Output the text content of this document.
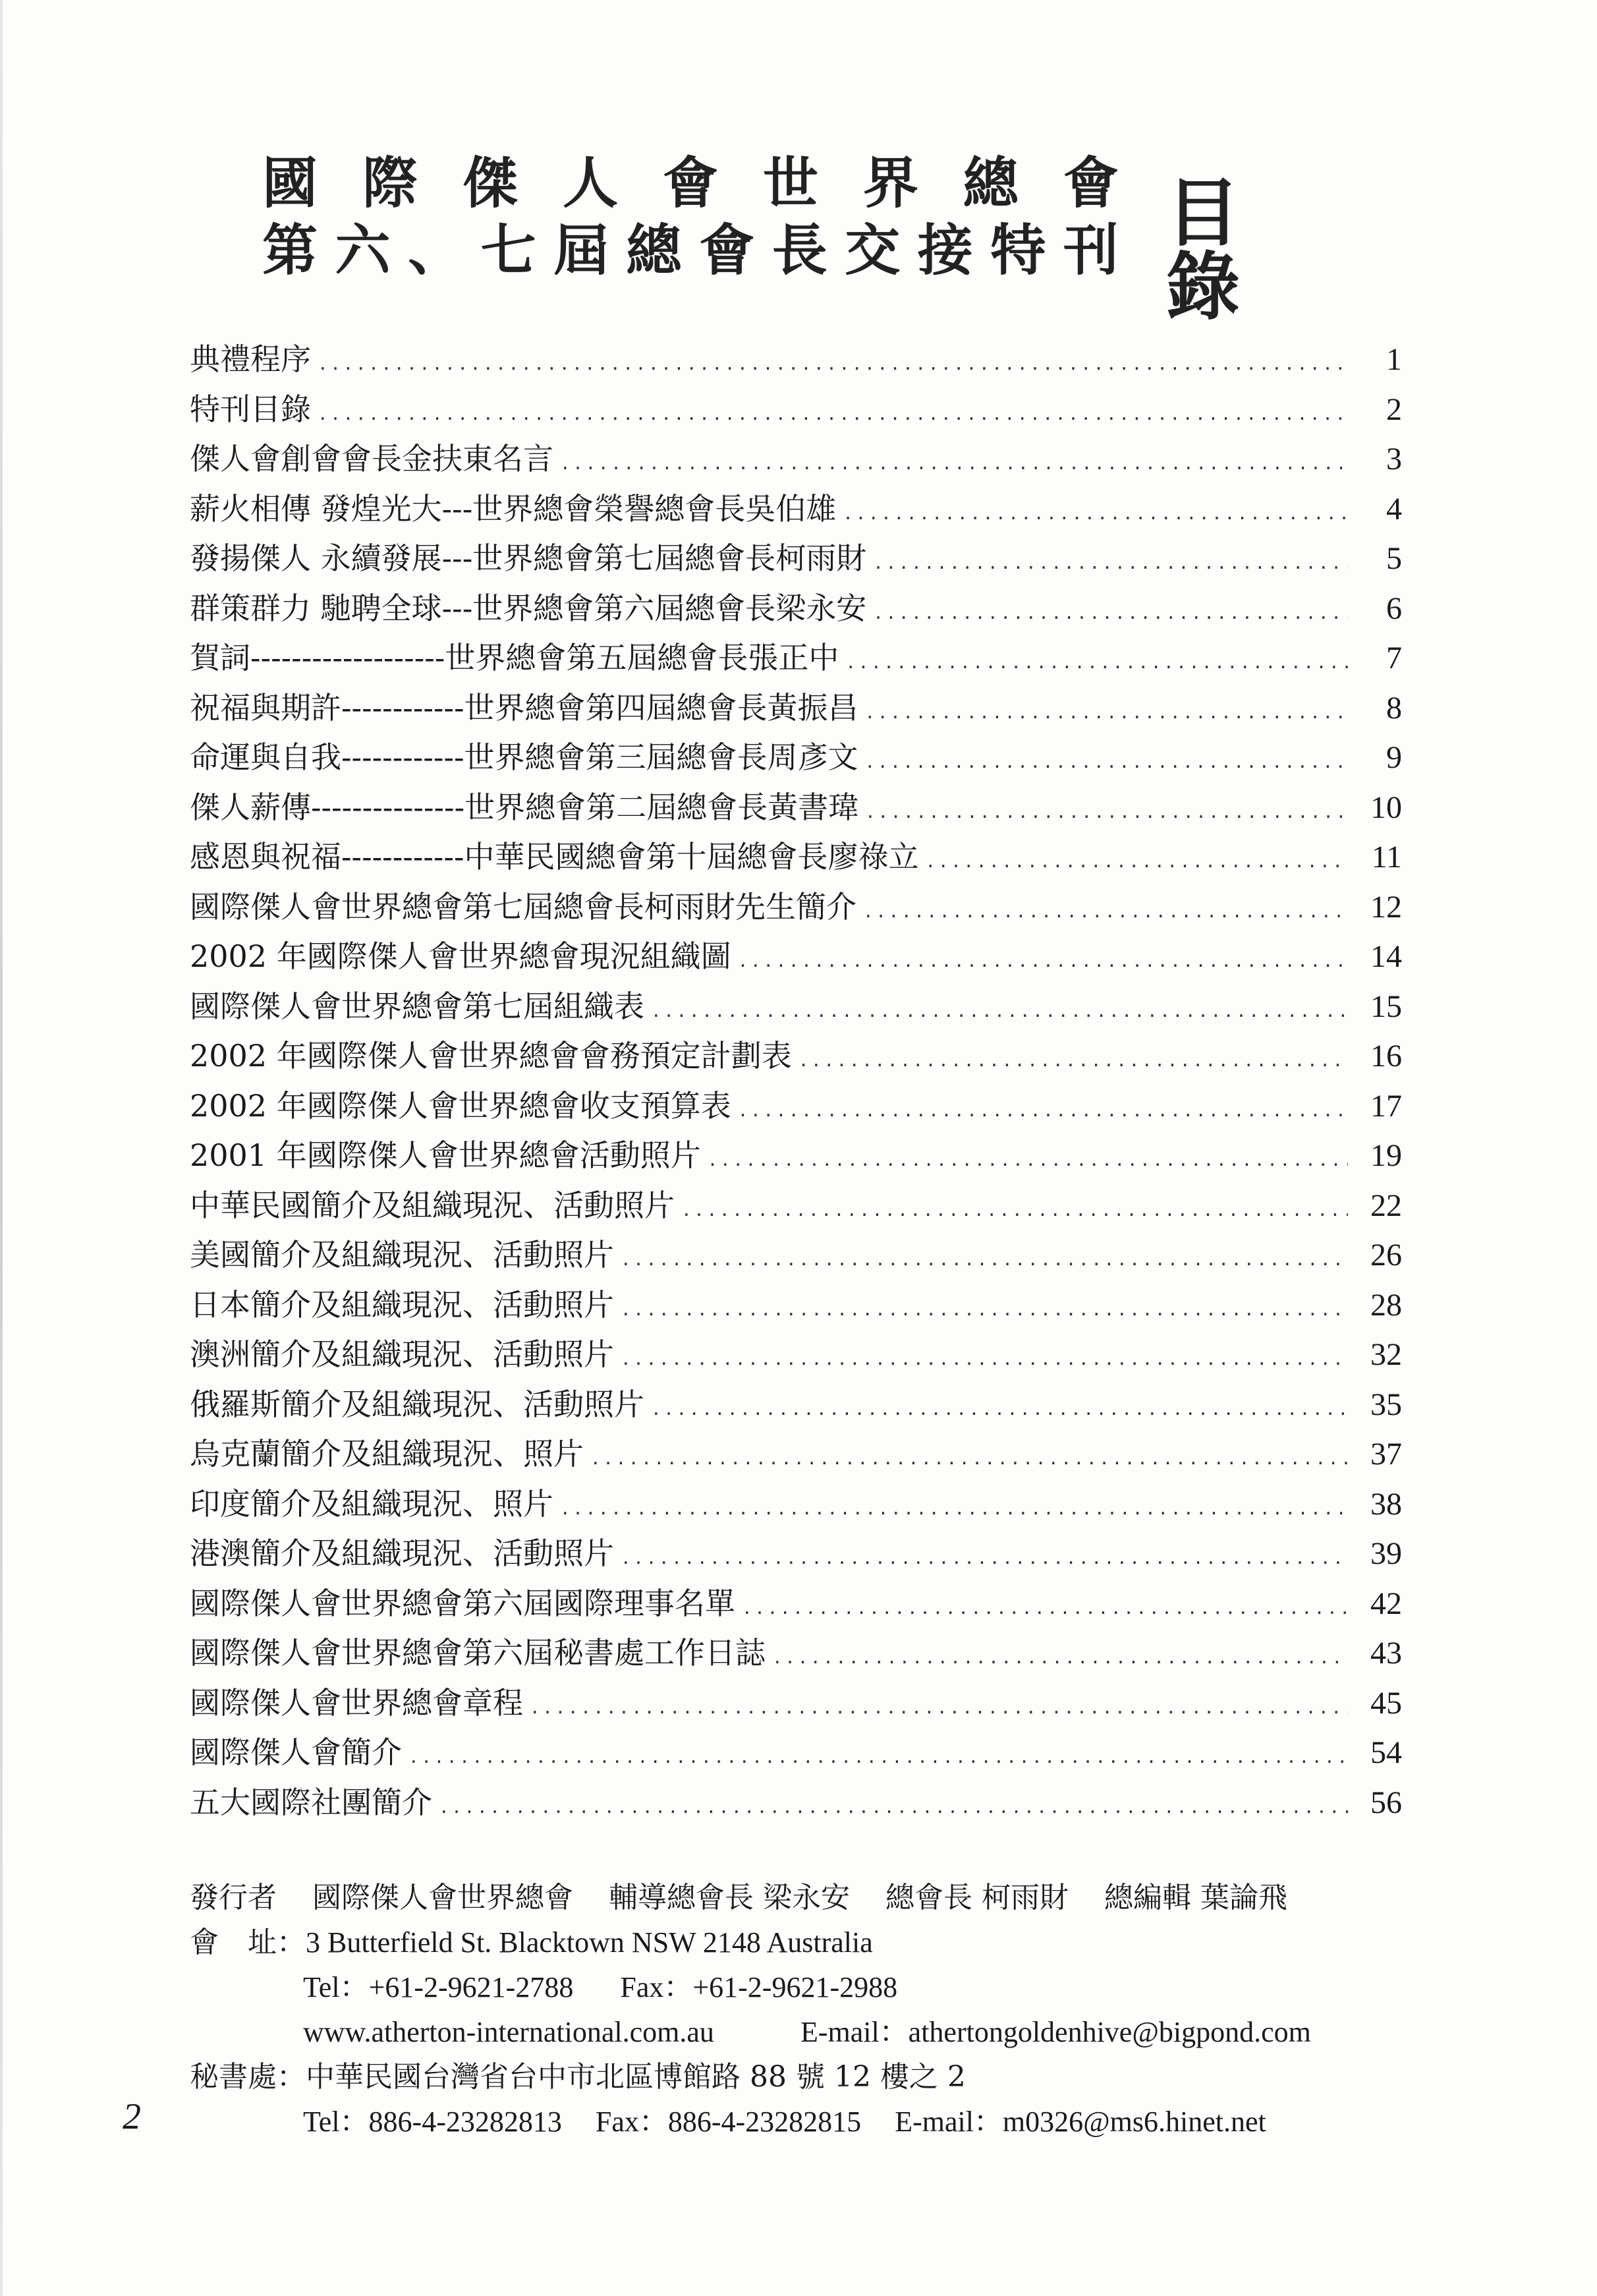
國 際 傑 人 會 世 界 總 會
第 六 、 七 屆 總 會 長 交 接 特 刊 目錄
典禮程序 . . .	1
特刊目錄 . . .	2
傑人會創會會長金扶東名言 . . .	3
薪火相傳 發煌光大---世界總會榮譽總會長吳伯雄 . . .	4
發揚傑人 永續發展---世界總會第七屆總會長柯雨財 . . .	5
群策群力 馳聘全球---世界總會第六屆總會長梁永安 . . .	6
賀詞-------------------世界總會第五屆總會長張正中 . . .	7
祝福與期許------------世界總會第四屆總會長黃振昌 . . .	8
命運與自我------------世界總會第三屆總會長周彥文 . . .	9
傑人薪傳---------------世界總會第二屆總會長黃書瑋 . . .	10
感恩與祝福------------中華民國總會第十屆總會長廖祿立 . . .	11
國際傑人會世界總會第七屆總會長柯雨財先生簡介 . . .	12
2002 年國際傑人會世界總會現況組織圖 . . .	14
國際傑人會世界總會第七屆組織表 . . .	15
2002 年國際傑人會世界總會會務預定計劃表 . . .	16
2002 年國際傑人會世界總會收支預算表 . . .	17
2001 年國際傑人會世界總會活動照片 . . .	19
中華民國簡介及組織現況、活動照片 . . .	22
美國簡介及組織現況、活動照片 . . .	26
日本簡介及組織現況、活動照片 . . .	28
澳洲簡介及組織現況、活動照片 . . .	32
俄羅斯簡介及組織現況、活動照片 . . .	35
烏克蘭簡介及組織現況、照片 . . .	37
印度簡介及組織現況、照片 . . .	38
港澳簡介及組織現況、活動照片 . . .	39
國際傑人會世界總會第六屆國際理事名單 . . .	42
國際傑人會世界總會第六屆秘書處工作日誌 . . .	43
國際傑人會世界總會章程 . . .	45
國際傑人會簡介 . . .	54
五大國際社團簡介 . . .	56
發行者 國際傑人會世界總會 輔導總會長 梁永安 總會長 柯雨財 總編輯 葉論飛
會　址：3 Butterfield St. Blacktown NSW 2148 Australia
Tel：+61-2-9621-2788 Fax：+61-2-9621-2988
www.atherton-international.com.au	E-mail：athertongoldenhive@bigpond.com
秘書處：中華民國台灣省台中市北區博館路 88 號 12 樓之 2
Tel：886-4-23282813 Fax：886-4-23282815 E-mail：m0326@ms6.hinet.net
2
